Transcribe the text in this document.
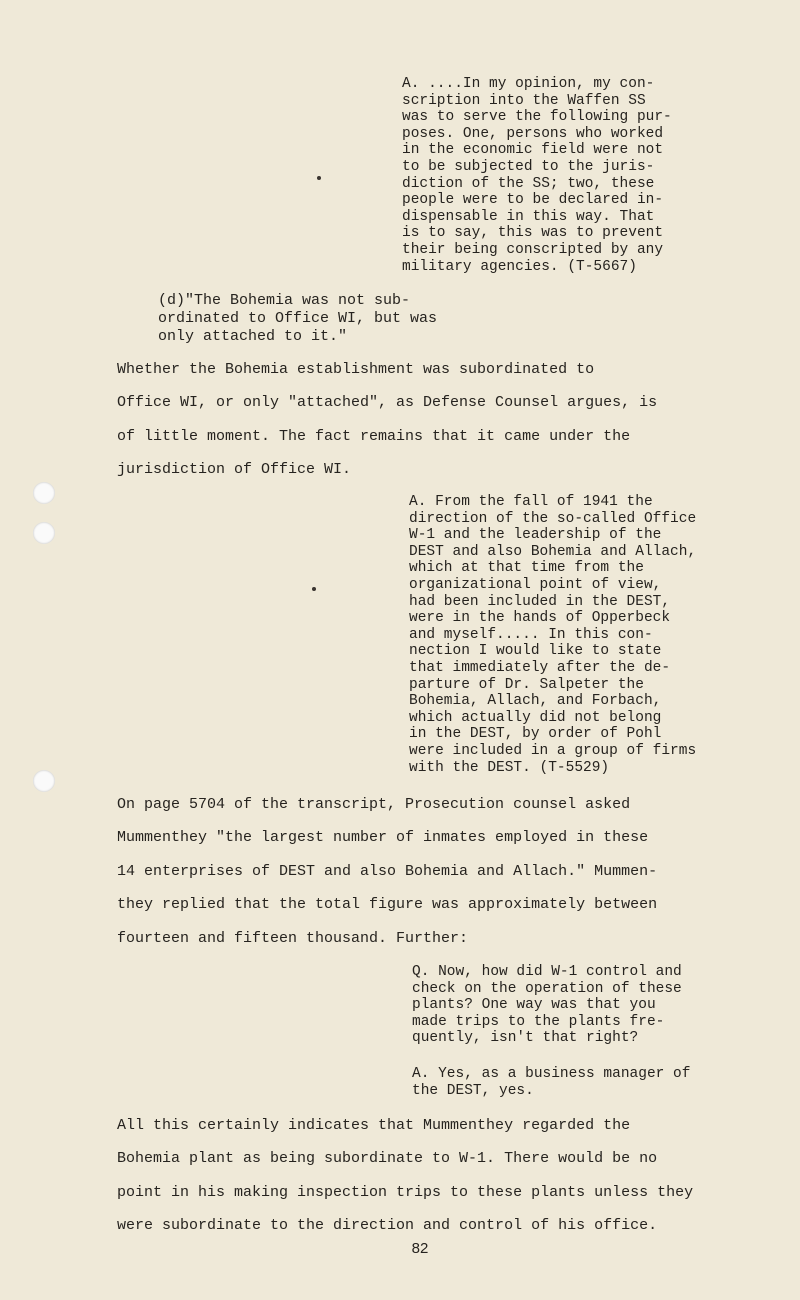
A. ....In my opinion, my con-
scription into the Waffen SS
was to serve the following pur-
poses. One, persons who worked
in the economic field were not
to be subjected to the juris-
diction of the SS; two, these
people were to be declared in-
dispensable in this way. That
is to say, this was to prevent
their being conscripted by any
military agencies. (T-5667)
(d)"The Bohemia was not sub-
ordinated to Office WI, but was
only attached to it."
Whether the Bohemia establishment was subordinated to
Office WI, or only "attached", as Defense Counsel argues, is
of little moment. The fact remains that it came under the
jurisdiction of Office WI.
A. From the fall of 1941 the
direction of the so-called Office
W-1 and the leadership of the
DEST and also Bohemia and Allach,
which at that time from the
organizational point of view,
had been included in the DEST,
were in the hands of Opperbeck
and myself..... In this con-
nection I would like to state
that immediately after the de-
parture of Dr. Salpeter the
Bohemia, Allach, and Forbach,
which actually did not belong
in the DEST, by order of Pohl
were included in a group of firms
with the DEST. (T-5529)
On page 5704 of the transcript, Prosecution counsel asked
Mummenthey "the largest number of inmates employed in these
14 enterprises of DEST and also Bohemia and Allach." Mummen-
they replied that the total figure was approximately between
fourteen and fifteen thousand. Further:
Q. Now, how did W-1 control and
check on the operation of these
plants? One way was that you
made trips to the plants fre-
quently, isn't that right?
A. Yes, as a business manager of
the DEST, yes.
All this certainly indicates that Mummenthey regarded the
Bohemia plant as being subordinate to W-1. There would be no
point in his making inspection trips to these plants unless they
were subordinate to the direction and control of his office.
82
